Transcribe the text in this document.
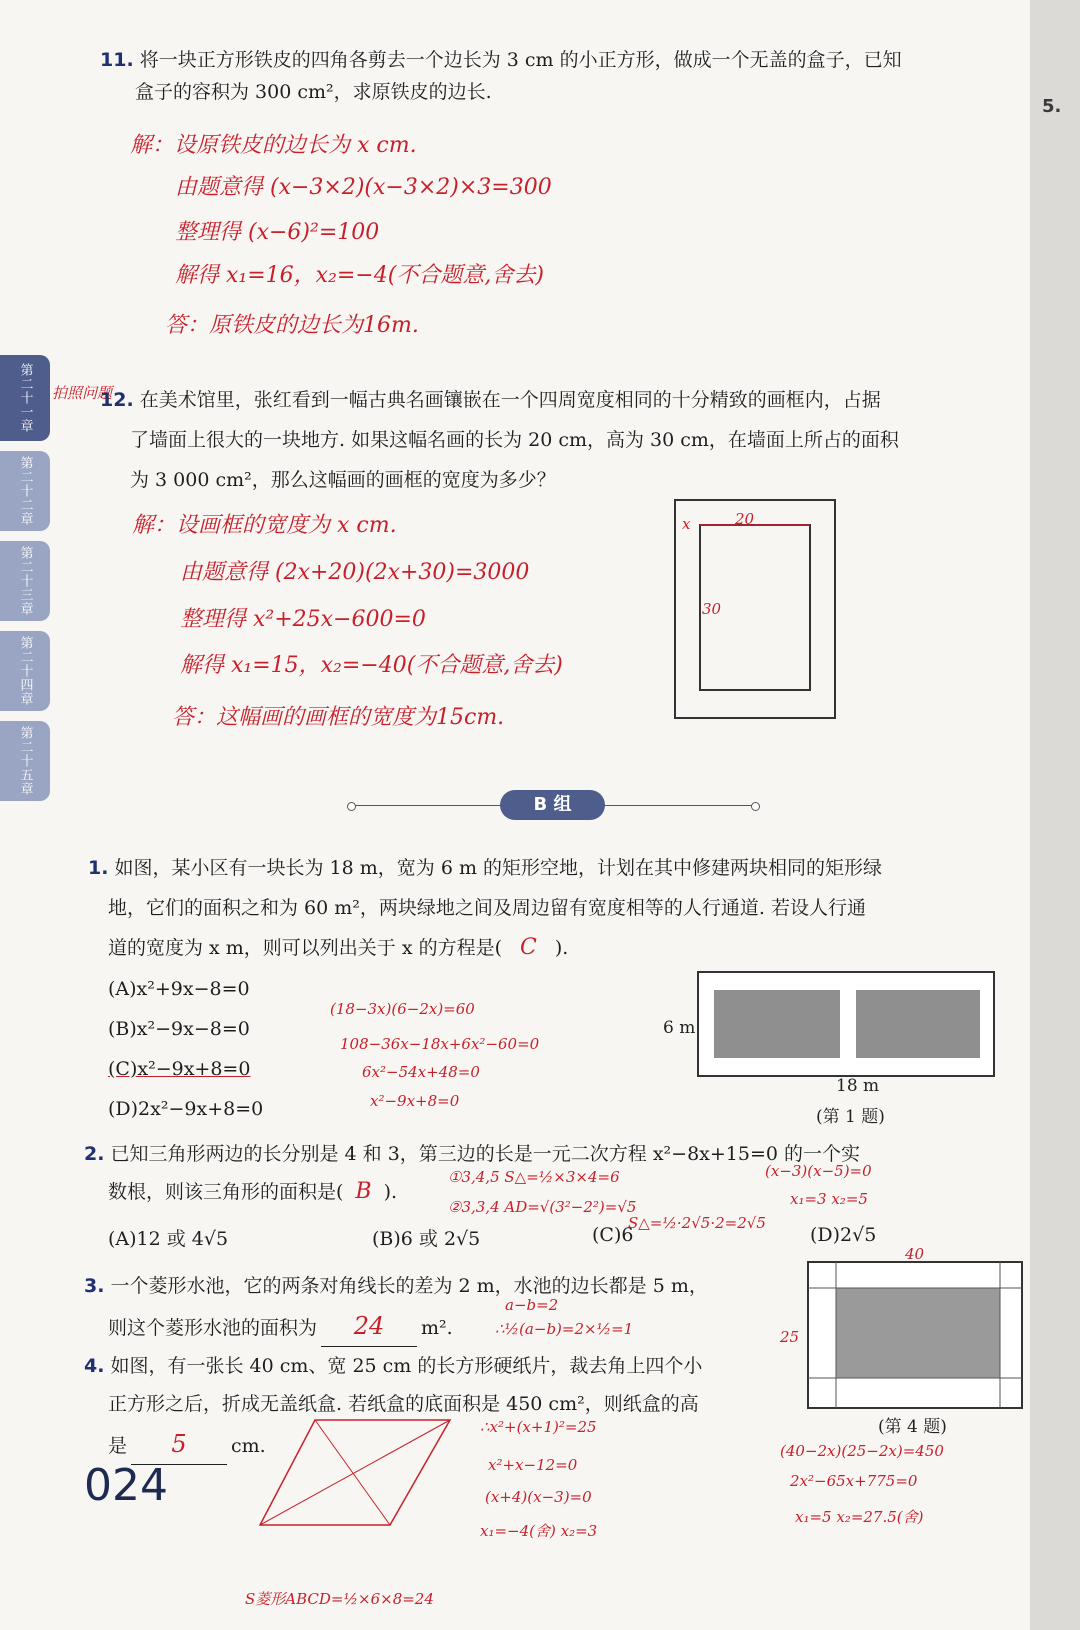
5.
第二十一章
第二十二章
第二十三章
第二十四章
第二十五章
11. 将一块正方形铁皮的四角各剪去一个边长为 3 cm 的小正方形，做成一个无盖的盒子，已知
盒子的容积为 300 cm²，求原铁皮的边长.
解：设原铁皮的边长为 x cm.
由题意得 (x−3×2)(x−3×2)×3=300
整理得 (x−6)²=100
解得 x₁=16，x₂=−4(不合题意,舍去)
答：原铁皮的边长为16m.
拍照问题
12. 在美术馆里，张红看到一幅古典名画镶嵌在一个四周宽度相同的十分精致的画框内，占据
了墙面上很大的一块地方. 如果这幅名画的长为 20 cm，高为 30 cm，在墙面上所占的面积
为 3 000 cm²，那么这幅画的画框的宽度为多少？
解：设画框的宽度为 x cm.
由题意得 (2x+20)(2x+30)=3000
整理得 x²+25x−600=0
解得 x₁=15，x₂=−40(不合题意,舍去)
答：这幅画的画框的宽度为15cm.
20
30
x
B 组
1. 如图，某小区有一块长为 18 m，宽为 6 m 的矩形空地，计划在其中修建两块相同的矩形绿
地，它们的面积之和为 60 m²，两块绿地之间及周边留有宽度相等的人行通道. 若设人行通
道的宽度为 x m，则可以列出关于 x 的方程是( C ).
(A)x²+9x−8=0
(B)x²−9x−8=0
(C)x²−9x+8=0
(D)2x²−9x+8=0
(18−3x)(6−2x)=60
108−36x−18x+6x²−60=0
6x²−54x+48=0
x²−9x+8=0
6 m
18 m
(第 1 题)
2. 已知三角形两边的长分别是 4 和 3，第三边的长是一元二次方程 x²−8x+15=0 的一个实
数根，则该三角形的面积是( B ).
(A)12 或 4√5	(B)6 或 2√5	(C)6	(D)2√5
①3,4,5 S△=½×3×4=6
②3,3,4 AD=√(3²−2²)=√5
S△=½·2√5·2=2√5
(x−3)(x−5)=0
x₁=3 x₂=5
3. 一个菱形水池，它的两条对角线长的差为 2 m，水池的边长都是 5 m，
则这个菱形水池的面积为 24 m².
a−b=2
∴½(a−b)=2×½=1
4. 如图，有一张长 40 cm、宽 25 cm 的长方形硬纸片，裁去角上四个小
正方形之后，折成无盖纸盒. 若纸盒的底面积是 450 cm²，则纸盒的高
是 5 cm.
40
25
(第 4 题)
(40−2x)(25−2x)=450
2x²−65x+775=0
x₁=5 x₂=27.5(舍)
∴x²+(x+1)²=25
x²+x−12=0
(x+4)(x−3)=0
x₁=−4(舍) x₂=3
S菱形ABCD=½×6×8=24
024
